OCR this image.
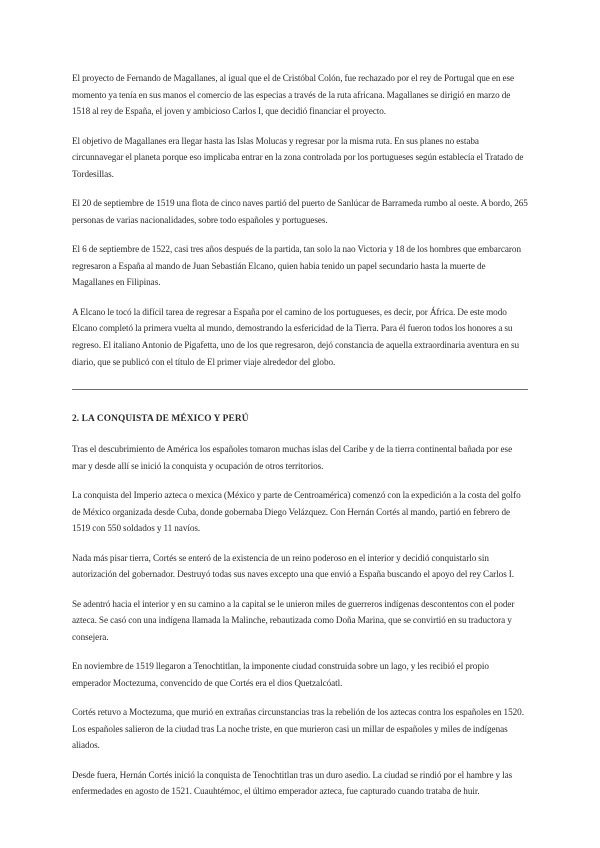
El proyecto de Fernando de Magallanes, al igual que el de Cristóbal Colón, fue rechazado por el rey de Portugal que en ese momento ya tenía en sus manos el comercio de las especias a través de la ruta africana. Magallanes se dirigió en marzo de 1518 al rey de España, el joven y ambicioso Carlos I, que decidió financiar el proyecto.

El objetivo de Magallanes era llegar hasta las Islas Molucas y regresar por la misma ruta. En sus planes no estaba circunnavegar el planeta porque eso implicaba entrar en la zona controlada por los portugueses según establecía el Tratado de Tordesillas.

El 20 de septiembre de 1519 una flota de cinco naves partió del puerto de Sanlúcar de Barrameda rumbo al oeste. A bordo, 265 personas de varias nacionalidades, sobre todo españoles y portugueses.

El 6 de septiembre de 1522, casi tres años después de la partida, tan solo la nao Victoria y 18 de los hombres que embarcaron regresaron a España al mando de Juan Sebastián Elcano, quien había tenido un papel secundario hasta la muerte de Magallanes en Filipinas.

A Elcano le tocó la difícil tarea de regresar a España por el camino de los portugueses, es decir, por África. De este modo Elcano completó la primera vuelta al mundo, demostrando la esfericidad de la Tierra. Para él fueron todos los honores a su regreso. El italiano Antonio de Pigafetta, uno de los que regresaron, dejó constancia de aquella extraordinaria aventura en su diario, que se publicó con el título de El primer viaje alrededor del globo.

2. LA CONQUISTA DE MÉXICO Y PERÚ

Tras el descubrimiento de América los españoles tomaron muchas islas del Caribe y de la tierra continental bañada por ese mar y desde allí se inició la conquista y ocupación de otros territorios.

La conquista del Imperio azteca o mexica (México y parte de Centroamérica) comenzó con la expedición a la costa del golfo de México organizada desde Cuba, donde gobernaba Diego Velázquez. Con Hernán Cortés al mando, partió en febrero de 1519 con 550 soldados y 11 navíos.

Nada más pisar tierra, Cortés se enteró de la existencia de un reino poderoso en el interior y decidió conquistarlo sin autorización del gobernador. Destruyó todas sus naves excepto una que envió a España buscando el apoyo del rey Carlos I.

Se adentró hacia el interior y en su camino a la capital se le unieron miles de guerreros indígenas descontentos con el poder azteca. Se casó con una indígena llamada la Malinche, rebautizada como Doña Marina, que se convirtió en su traductora y consejera.

En noviembre de 1519 llegaron a Tenochtitlan, la imponente ciudad construida sobre un lago, y les recibió el propio emperador Moctezuma, convencido de que Cortés era el dios Quetzalcóatl.

Cortés retuvo a Moctezuma, que murió en extrañas circunstancias tras la rebelión de los aztecas contra los españoles en 1520. Los españoles salieron de la ciudad tras La noche triste, en que murieron casi un millar de españoles y miles de indígenas aliados.

Desde fuera, Hernán Cortés inició la conquista de Tenochtitlan tras un duro asedio. La ciudad se rindió por el hambre y las enfermedades en agosto de 1521. Cuauhtémoc, el último emperador azteca, fue capturado cuando trataba de huir.
